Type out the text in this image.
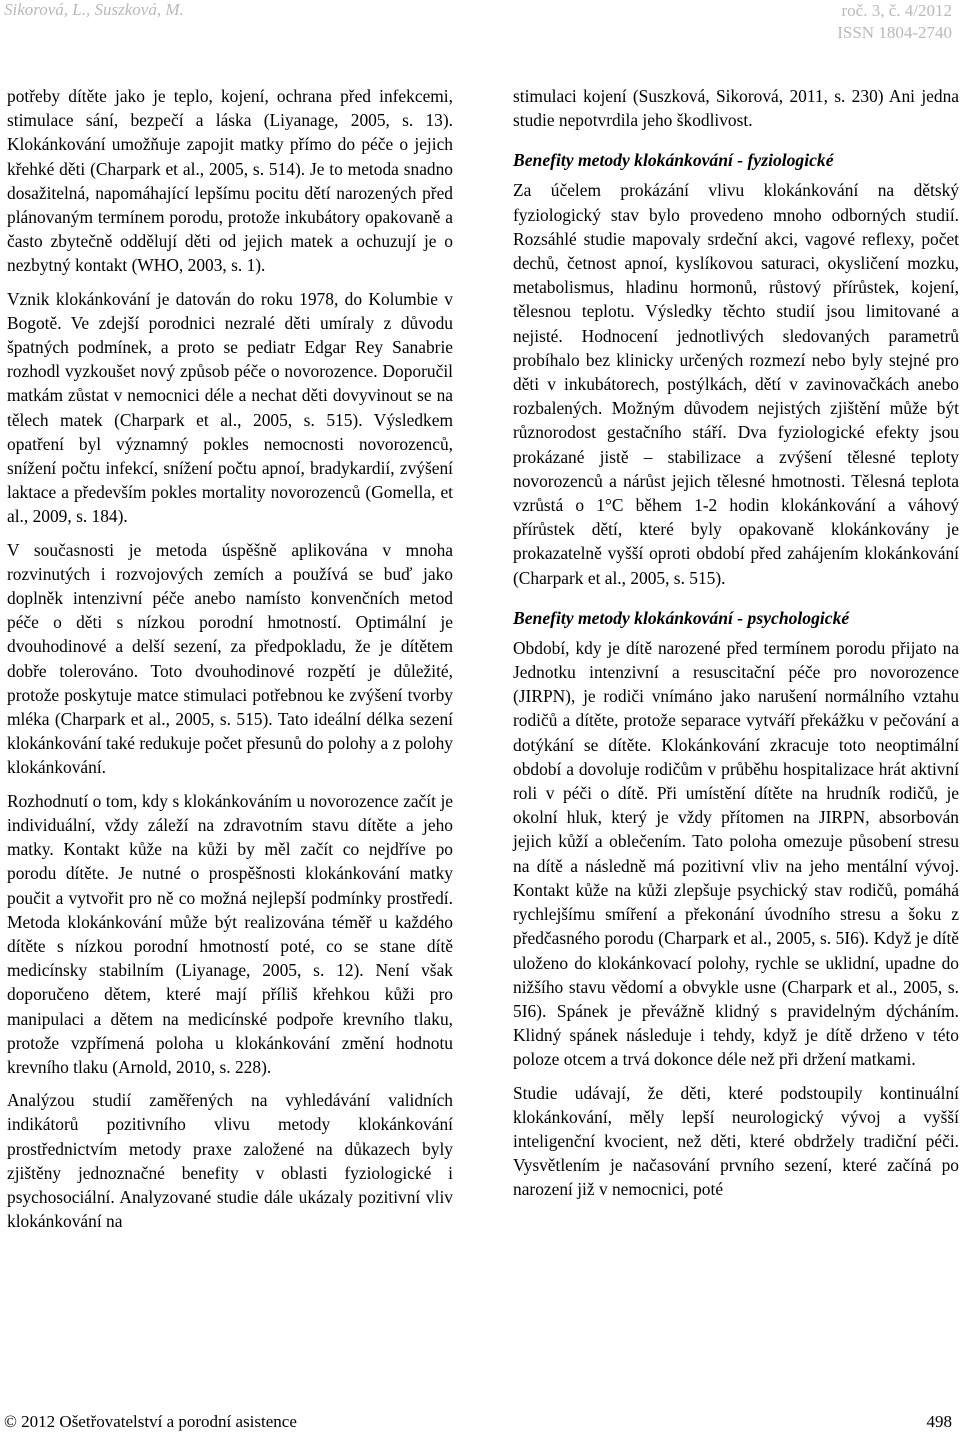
Sikorová, L., Suszková, M.	roč. 3, č. 4/2012
ISSN 1804-2740

potřeby dítěte jako je teplo, kojení, ochrana před infekcemi, stimulace sání, bezpečí a láska (Liyanage, 2005, s. 13). Klokánkování umožňuje zapojit matky přímo do péče o jejich křehké děti (Charpark et al., 2005, s. 514). Je to metoda snadno dosažitelná, napomáhající lepšímu pocitu dětí narozených před plánovaným termínem porodu, protože inkubátory opakovaně a často zbytečně oddělují děti od jejich matek a ochuzují je o nezbytný kontakt (WHO, 2003, s. 1).

Vznik klokánkování je datován do roku 1978, do Kolumbie v Bogotě. Ve zdejší porodnici nezralé děti umíraly z důvodu špatných podmínek, a proto se pediatr Edgar Rey Sanabrie rozhodl vyzkoušet nový způsob péče o novorozence. Doporučil matkám zůstat v nemocnici déle a nechat děti dovyvinout se na tělech matek (Charpark et al., 2005, s. 515). Výsledkem opatření byl významný pokles nemocnosti novorozenců, snížení počtu infekcí, snížení počtu apnoí, bradykardií, zvýšení laktace a především pokles mortality novorozenců (Gomella, et al., 2009, s. 184).

V současnosti je metoda úspěšně aplikována v mnoha rozvinutých i rozvojových zemích a používá se buď jako doplněk intenzivní péče anebo namísto konvenčních metod péče o děti s nízkou porodní hmotností. Optimální je dvouhodinové a delší sezení, za předpokladu, že je dítětem dobře tolerováno. Toto dvouhodinové rozpětí je důležité, protože poskytuje matce stimulaci potřebnou ke zvýšení tvorby mléka (Charpark et al., 2005, s. 515). Tato ideální délka sezení klokánkování také redukuje počet přesunů do polohy a z polohy klokánkování.

Rozhodnutí o tom, kdy s klokánkováním u novorozence začít je individuální, vždy záleží na zdravotním stavu dítěte a jeho matky. Kontakt kůže na kůži by měl začít co nejdříve po porodu dítěte. Je nutné o prospěšnosti klokánkování matky poučit a vytvořit pro ně co možná nejlepší podmínky prostředí. Metoda klokánkování může být realizována téměř u každého dítěte s nízkou porodní hmotností poté, co se stane dítě medicínsky stabilním (Liyanage, 2005, s. 12). Není však doporučeno dětem, které mají příliš křehkou kůži pro manipulaci a dětem na medicínské podpoře krevního tlaku, protože vzpřímená poloha u klokánkování změní hodnotu krevního tlaku (Arnold, 2010, s. 228).

Analýzou studií zaměřených na vyhledávání validních indikátorů pozitivního vlivu metody klokánkování prostřednictvím metody praxe založené na důkazech byly zjištěny jednoznačné benefity v oblasti fyziologické i psychosociální. Analyzované studie dále ukázaly pozitivní vliv klokánkování na

stimulaci kojení (Suszková, Sikorová, 2011, s. 230) Ani jedna studie nepotvrdila jeho škodlivost.

Benefity metody klokánkování - fyziologické

Za účelem prokázání vlivu klokánkování na dětský fyziologický stav bylo provedeno mnoho odborných studií. Rozsáhlé studie mapovaly srdeční akci, vagové reflexy, počet dechů, četnost apnoí, kyslíkovou saturaci, okysličení mozku, metabolismus, hladinu hormonů, růstový přírůstek, kojení, tělesnou teplotu. Výsledky těchto studií jsou limitované a nejisté. Hodnocení jednotlivých sledovaných parametrů probíhalo bez klinicky určených rozmezí nebo byly stejné pro děti v inkubátorech, postýlkách, dětí v zavinovačkách anebo rozbalených. Možným důvodem nejistých zjištění může být různorodost gestačního stáří. Dva fyziologické efekty jsou prokázané jistě – stabilizace a zvýšení tělesné teploty novorozenců a nárůst jejich tělesné hmotnosti. Tělesná teplota vzrůstá o 1°C během 1-2 hodin klokánkování a váhový přírůstek dětí, které byly opakovaně klokánkovány je prokazatelně vyšší oproti období před zahájením klokánkování (Charpark et al., 2005, s. 515).

Benefity metody klokánkování - psychologické

Období, kdy je dítě narozené před termínem porodu přijato na Jednotku intenzivní a resuscitační péče pro novorozence (JIRPN), je rodiči vnímáno jako narušení normálního vztahu rodičů a dítěte, protože separace vytváří překážku v pečování a dotýkání se dítěte. Klokánkování zkracuje toto neoptimální období a dovoluje rodičům v průběhu hospitalizace hrát aktivní roli v péči o dítě. Při umístění dítěte na hrudník rodičů, je okolní hluk, který je vždy přítomen na JIRPN, absorbován jejich kůží a oblečením. Tato poloha omezuje působení stresu na dítě a následně má pozitivní vliv na jeho mentální vývoj. Kontakt kůže na kůži zlepšuje psychický stav rodičů, pomáhá rychlejšímu smíření a překonání úvodního stresu a šoku z předčasného porodu (Charpark et al., 2005, s. 5I6). Když je dítě uloženo do klokánkovací polohy, rychle se uklidní, upadne do nižšího stavu vědomí a obvykle usne (Charpark et al., 2005, s. 5I6). Spánek je převážně klidný s pravidelným dýcháním. Klidný spánek následuje i tehdy, když je dítě drženo v této poloze otcem a trvá dokonce déle než při držení matkami.

Studie udávají, že děti, které podstoupily kontinuální klokánkování, měly lepší neurologický vývoj a vyšší inteligenční kvocient, než děti, které obdržely tradiční péči. Vysvětlením je načasování prvního sezení, které začíná po narození již v nemocnici, poté

© 2012 Ošetřovatelství a porodní asistence	498
